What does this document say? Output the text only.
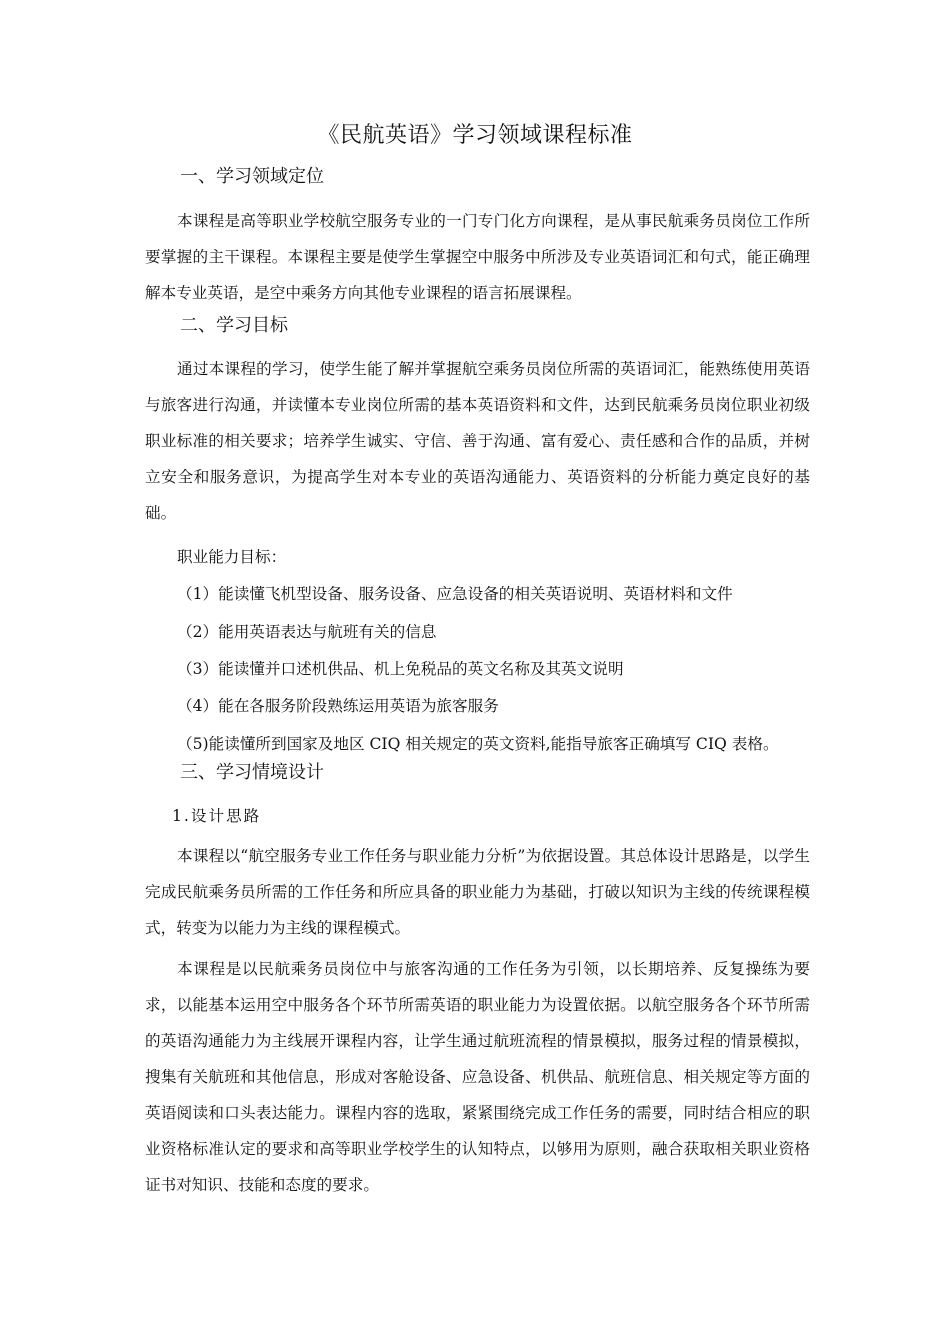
《民航英语》学习领域课程标准
一、学习领域定位
本课程是高等职业学校航空服务专业的一门专门化方向课程，是从事民航乘务员岗位工作所要掌握的主干课程。本课程主要是使学生掌握空中服务中所涉及专业英语词汇和句式，能正确理解本专业英语，是空中乘务方向其他专业课程的语言拓展课程。
二、学习目标
通过本课程的学习，使学生能了解并掌握航空乘务员岗位所需的英语词汇，能熟练使用英语与旅客进行沟通，并读懂本专业岗位所需的基本英语资料和文件，达到民航乘务员岗位职业初级职业标准的相关要求；培养学生诚实、守信、善于沟通、富有爱心、责任感和合作的品质，并树立安全和服务意识，为提高学生对本专业的英语沟通能力、英语资料的分析能力奠定良好的基础。
职业能力目标：
（1）能读懂飞机型设备、服务设备、应急设备的相关英语说明、英语材料和文件
（2）能用英语表达与航班有关的信息
（3）能读懂并口述机供品、机上免税品的英文名称及其英文说明
（4）能在各服务阶段熟练运用英语为旅客服务
（5)能读懂所到国家及地区 CIQ 相关规定的英文资料,能指导旅客正确填写 CIQ 表格。
三、学习情境设计
1.设计思路
本课程以“航空服务专业工作任务与职业能力分析”为依据设置。其总体设计思路是，以学生完成民航乘务员所需的工作任务和所应具备的职业能力为基础，打破以知识为主线的传统课程模式，转变为以能力为主线的课程模式。
本课程是以民航乘务员岗位中与旅客沟通的工作任务为引领，以长期培养、反复操练为要求，以能基本运用空中服务各个环节所需英语的职业能力为设置依据。以航空服务各个环节所需的英语沟通能力为主线展开课程内容，让学生通过航班流程的情景模拟，服务过程的情景模拟，搜集有关航班和其他信息，形成对客舱设备、应急设备、机供品、航班信息、相关规定等方面的英语阅读和口头表达能力。课程内容的选取，紧紧围绕完成工作任务的需要，同时结合相应的职业资格标准认定的要求和高等职业学校学生的认知特点，以够用为原则，融合获取相关职业资格证书对知识、技能和态度的要求。
